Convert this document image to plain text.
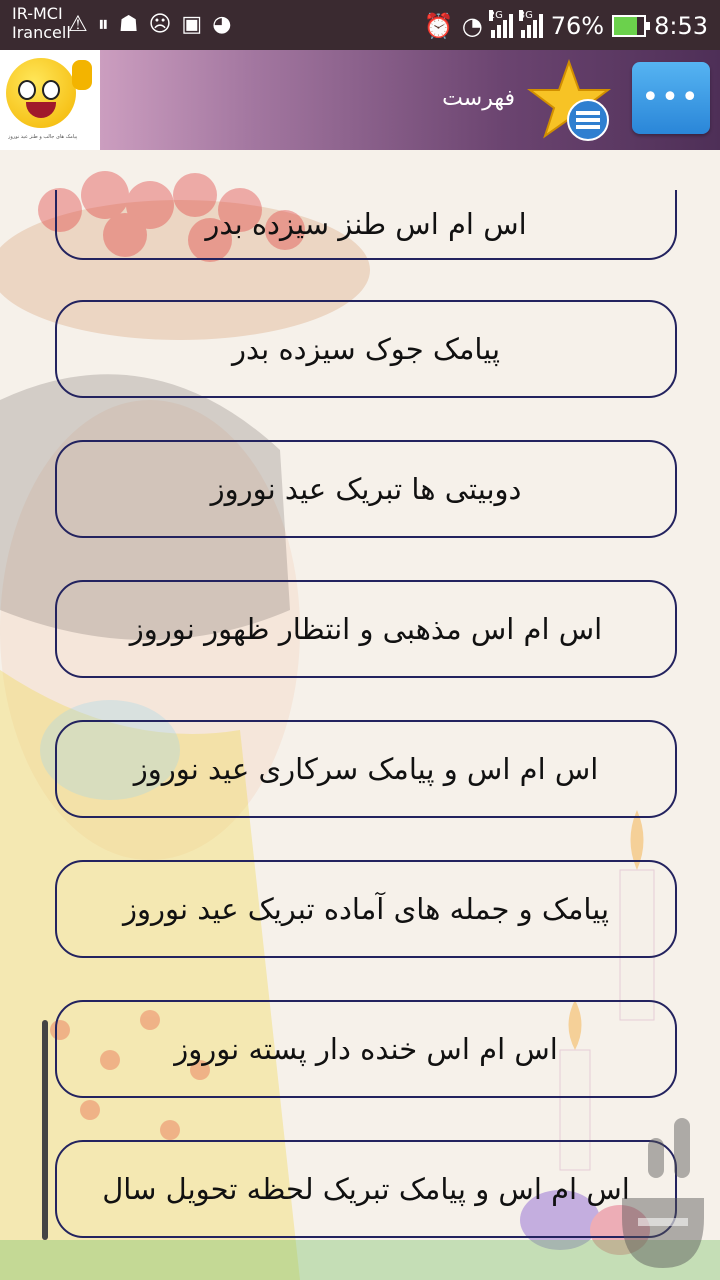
IR-MCI
Irancell
⚠⏸☗☹▣◕	⏰ ◔ 2G 3G 76% 8:53
پیامک های جالب و طنز عید نوروز
فهرست	•••
اس ام اس طنز سیزده بدر
پیامک جوک سیزده بدر
دوبیتی ها تبریک عید نوروز
اس ام اس مذهبی و انتظار ظهور نوروز
اس ام اس و پیامک سرکاری عید نوروز
پیامک و جمله های آماده تبریک عید نوروز
اس ام اس خنده دار پسته نوروز
اس ام اس و پیامک تبریک لحظه تحویل سال
